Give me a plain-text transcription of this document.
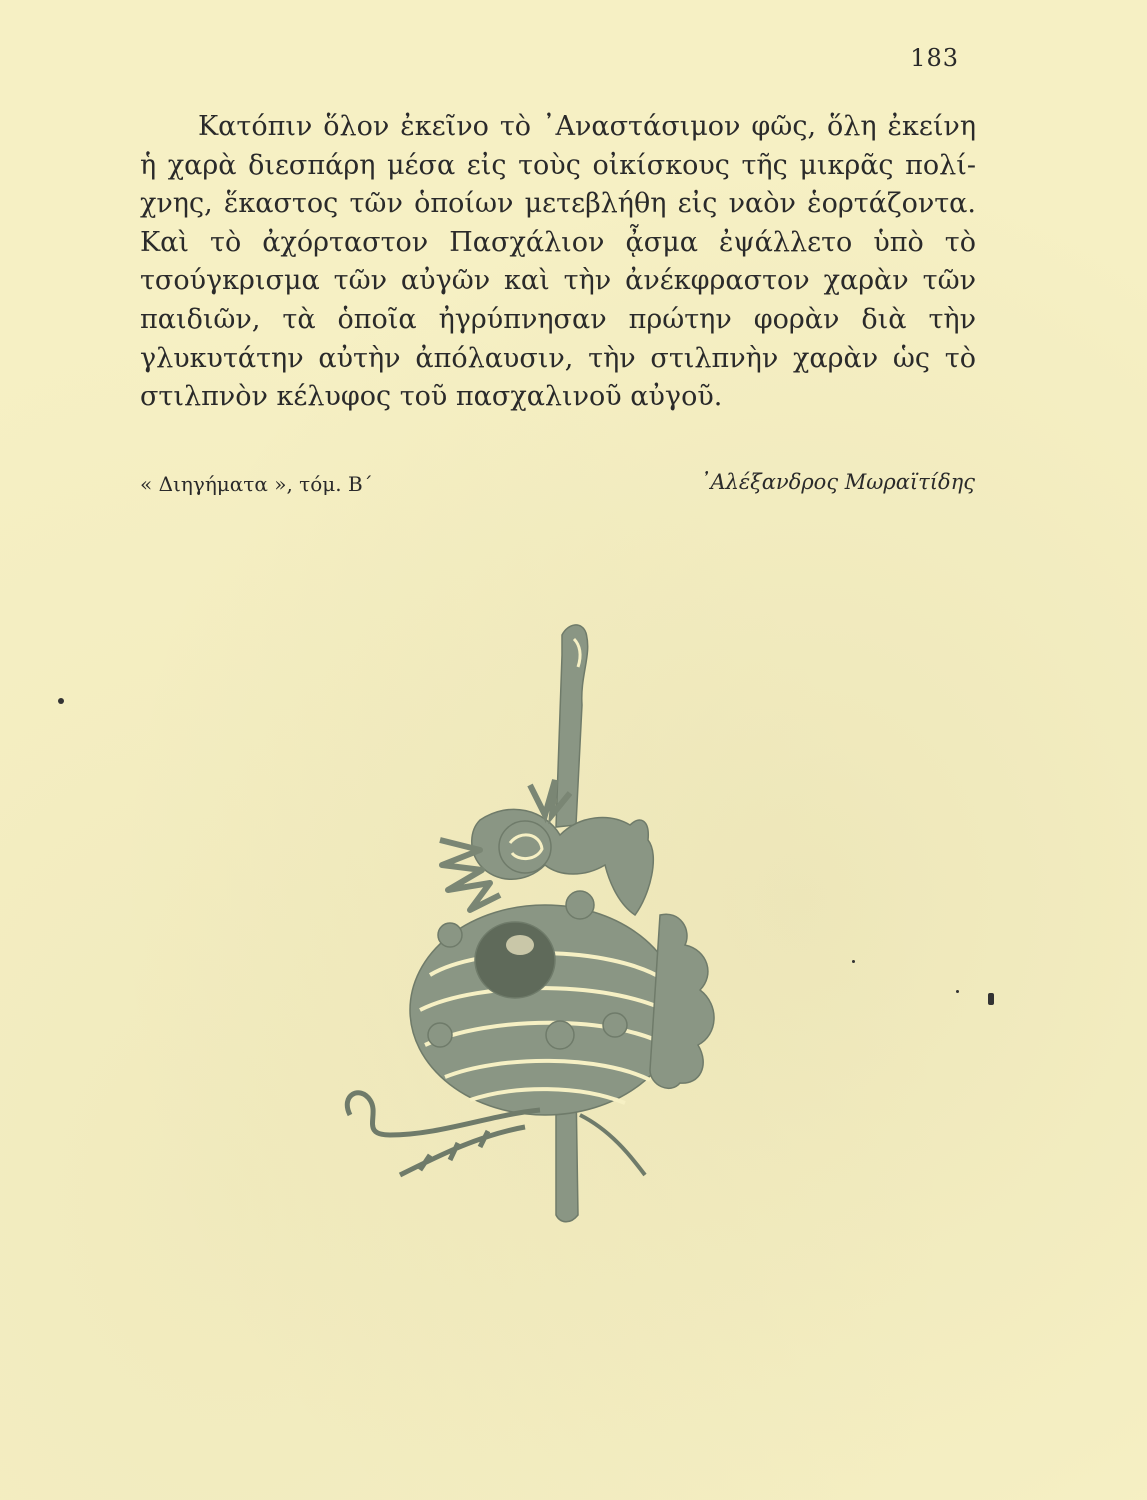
183
Κατόπιν ὅλον ἐκεῖνο τὸ ᾿Αναστάσιμον φῶς, ὅλη ἐκείνη
ἡ χαρὰ διεσπάρη μέσα εἰς τοὺς οἰκίσκους τῆς μικρᾶς πολί-
χνης, ἕκαστος τῶν ὁποίων μετεβλήθη εἰς ναὸν ἑορτάζοντα.
Καὶ τὸ ἀχόρταστον Πασχάλιον ᾆσμα ἐψάλλετο ὑπὸ τὸ
τσούγκρισμα τῶν αὐγῶν καὶ τὴν ἀνέκφραστον χαρὰν τῶν
παιδιῶν, τὰ ὁποῖα ἠγρύπνησαν πρώτην φορὰν διὰ τὴν
γλυκυτάτην αὐτὴν ἀπόλαυσιν, τὴν στιλπνὴν χαρὰν ὡς τὸ
στιλπνὸν κέλυφος τοῦ πασχαλινοῦ αὐγοῦ.
« Διηγήματα », τόμ. Β΄	᾿Αλέξανδρος Μωραϊτίδης
